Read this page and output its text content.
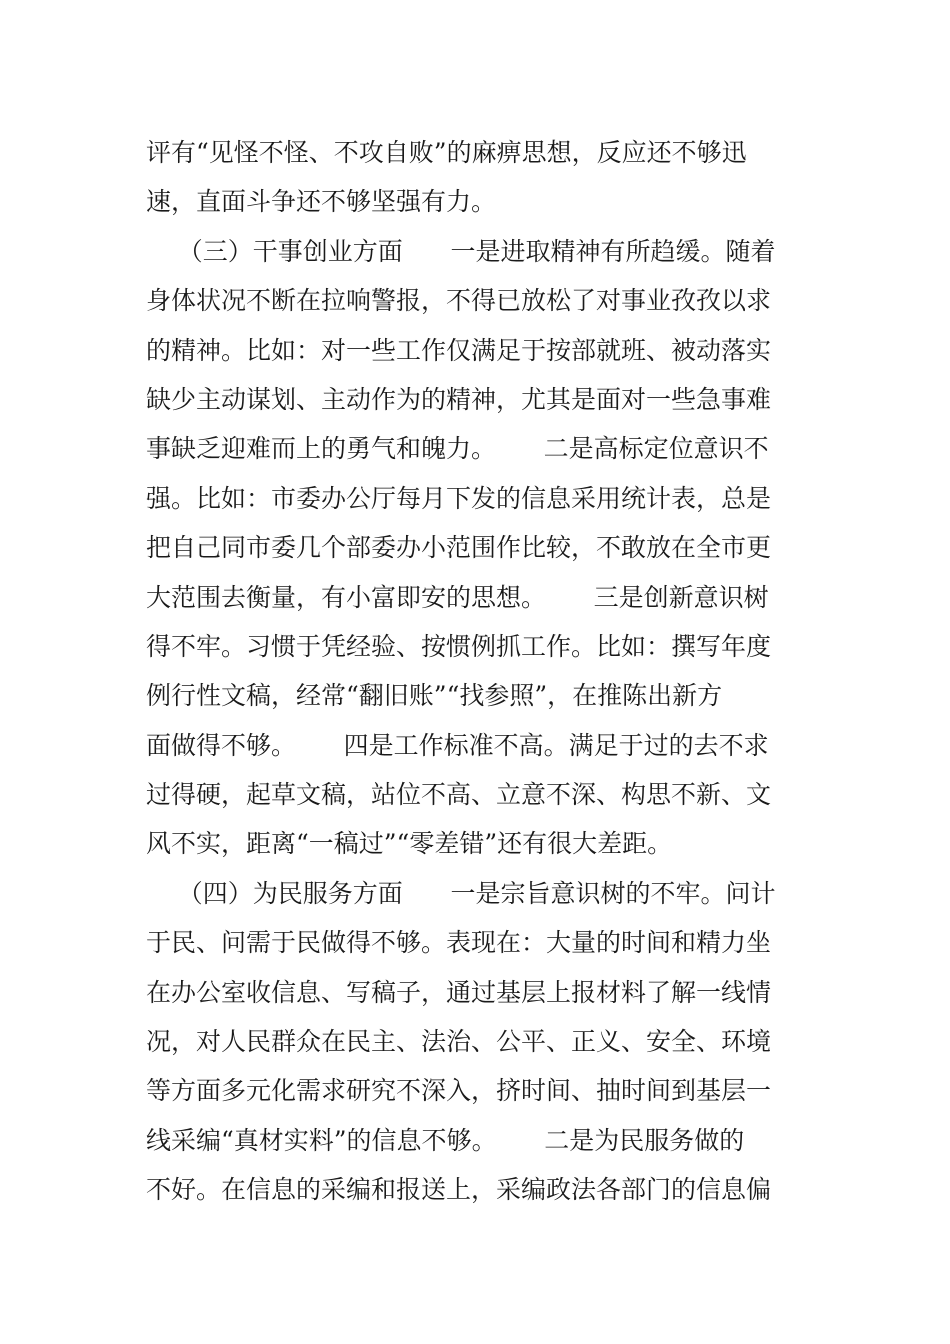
评有“见怪不怪、不攻自败”的麻痹思想，反应还不够迅
速，直面斗争还不够坚强有力。
（三）干事创业方面      一是进取精神有所趋缓。随着
身体状况不断在拉响警报，不得已放松了对事业孜孜以求
的精神。比如：对一些工作仅满足于按部就班、被动落实
缺少主动谋划、主动作为的精神，尤其是面对一些急事难
事缺乏迎难而上的勇气和魄力。      二是高标定位意识不
强。比如：市委办公厅每月下发的信息采用统计表，总是
把自己同市委几个部委办小范围作比较，不敢放在全市更
大范围去衡量，有小富即安的思想。      三是创新意识树
得不牢。习惯于凭经验、按惯例抓工作。比如：撰写年度
例行性文稿，经常“翻旧账”“找参照”，在推陈出新方
面做得不够。      四是工作标准不高。满足于过的去不求
过得硬，起草文稿，站位不高、立意不深、构思不新、文
风不实，距离“一稿过”“零差错”还有很大差距。
（四）为民服务方面      一是宗旨意识树的不牢。问计
于民、问需于民做得不够。表现在：大量的时间和精力坐
在办公室收信息、写稿子，通过基层上报材料了解一线情
况，对人民群众在民主、法治、公平、正义、安全、环境
等方面多元化需求研究不深入，挤时间、抽时间到基层一
线采编“真材实料”的信息不够。      二是为民服务做的
不好。在信息的采编和报送上，采编政法各部门的信息偏
